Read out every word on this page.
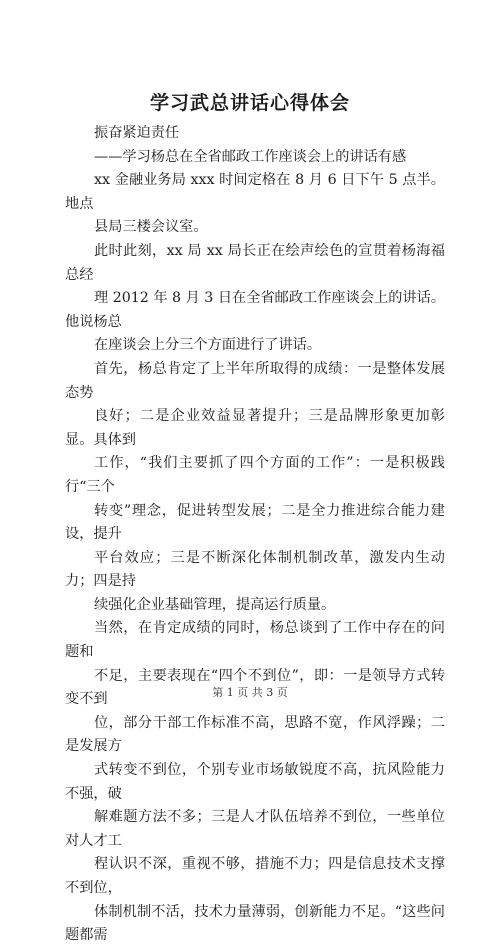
学习武总讲话心得体会

振奋紧迫责任

——学习杨总在全省邮政工作座谈会上的讲话有感

xx 金融业务局 xxx 时间定格在 8 月 6 日下午 5 点半。地点
县局三楼会议室。

此时此刻，xx 局 xx 局长正在绘声绘色的宣贯着杨海福总经
理 2012 年 8 月 3 日在全省邮政工作座谈会上的讲话。他说杨总
在座谈会上分三个方面进行了讲话。

首先，杨总肯定了上半年所取得的成绩：一是整体发展态势
良好；二是企业效益显著提升；三是品牌形象更加彰显。具体到
工作，“我们主要抓了四个方面的工作”：一是积极践行“三个
转变”理念，促进转型发展；二是全力推进综合能力建设，提升
平台效应；三是不断深化体制机制改革，激发内生动力；四是持
续强化企业基础管理，提高运行质量。

当然，在肯定成绩的同时，杨总谈到了工作中存在的问题和
不足，主要表现在“四个不到位”，即：一是领导方式转变不到
位，部分干部工作标准不高，思路不宽，作风浮躁；二是发展方
式转变不到位，个别专业市场敏锐度不高，抗风险能力不强，破
解难题方法不多；三是人才队伍培养不到位，一些单位对人才工
程认识不深，重视不够，措施不力；四是信息技术支撑不到位，
体制机制不活，技术力量薄弱，创新能力不足。“这些问题都需

第 1 页 共 3 页
